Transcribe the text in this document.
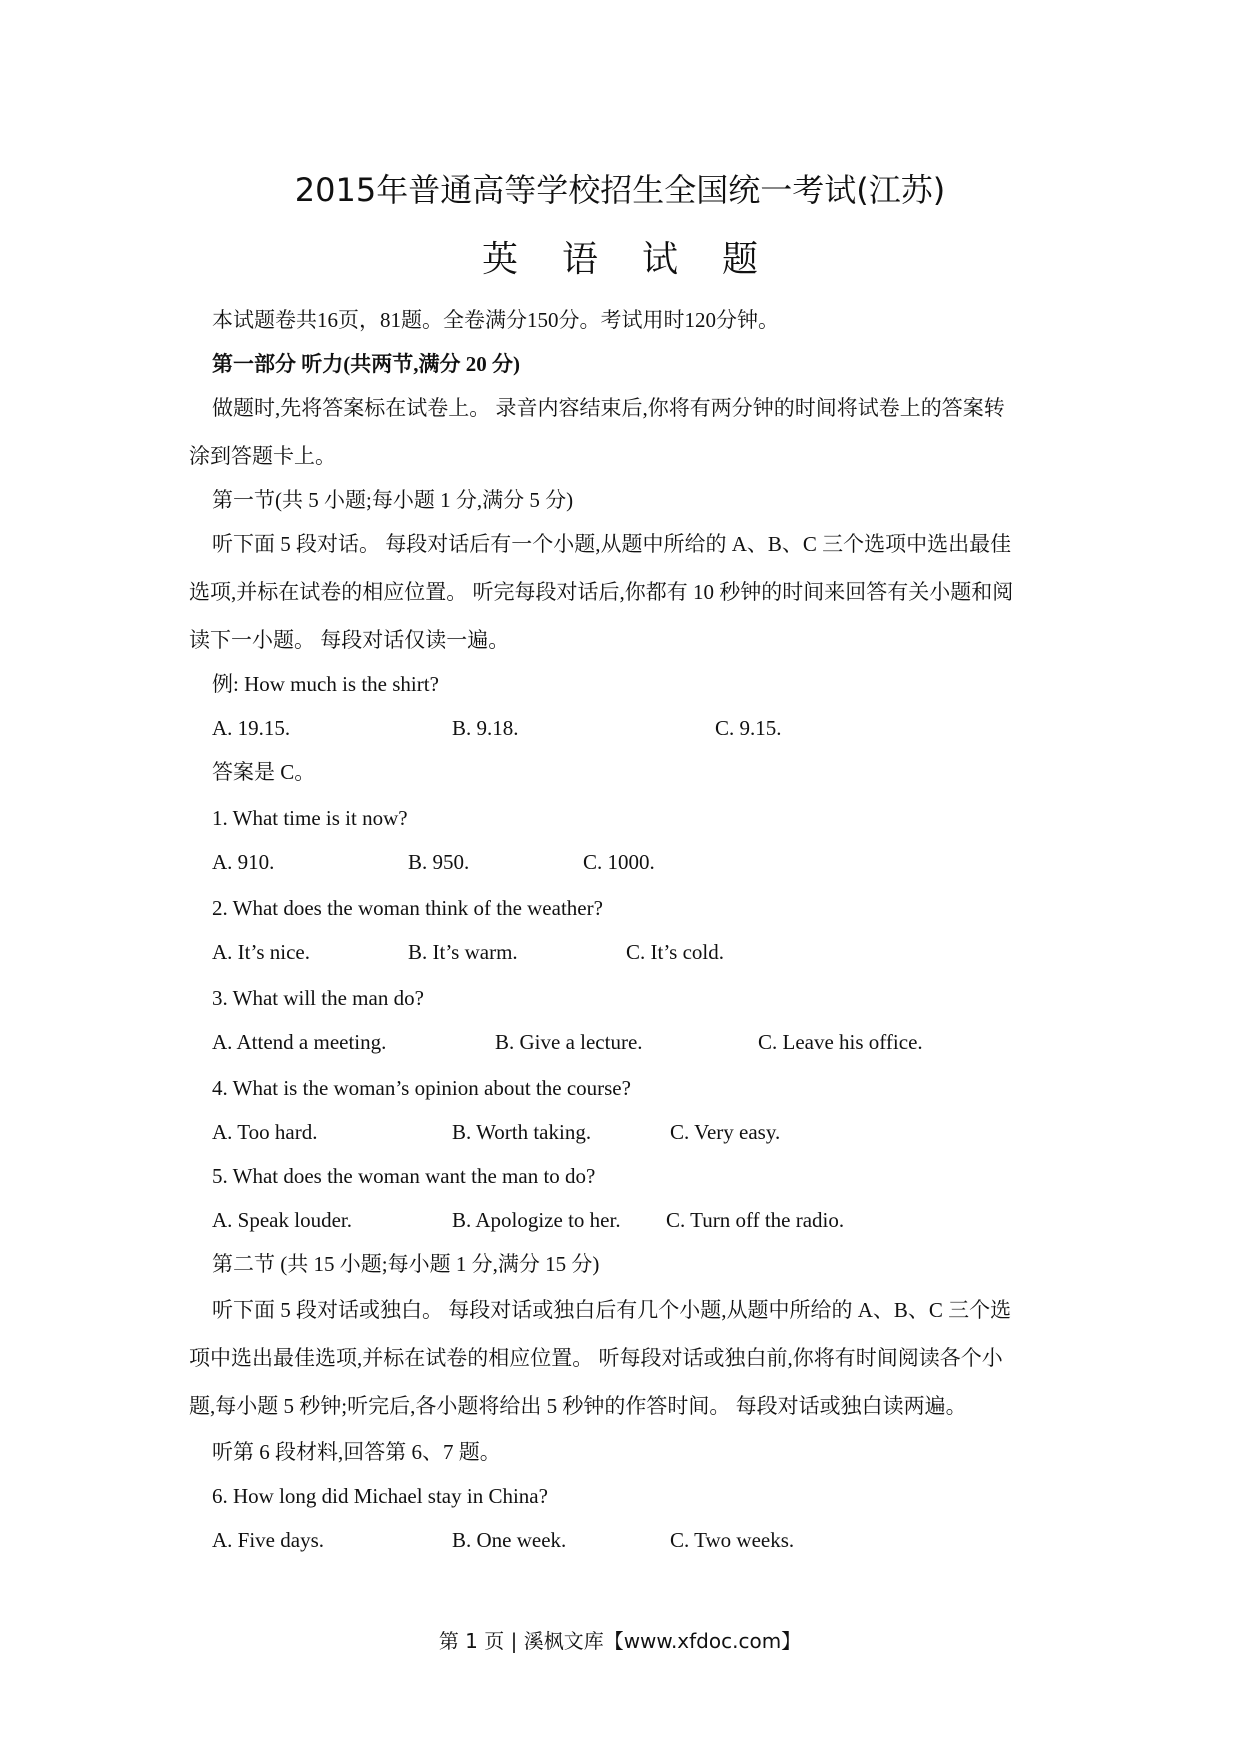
2015年普通高等学校招生全国统一考试(江苏)
英 语 试 题

本试题卷共16页，81题。全卷满分150分。考试用时120分钟。

第一部分 听力(共两节,满分 20 分)

做题时,先将答案标在试卷上。 录音内容结束后,你将有两分钟的时间将试卷上的答案转

涂到答题卡上。

第一节(共 5 小题;每小题 1 分,满分 5 分)

听下面 5 段对话。 每段对话后有一个小题,从题中所给的 A、B、C 三个选项中选出最佳

选项,并标在试卷的相应位置。 听完每段对话后,你都有 10 秒钟的时间来回答有关小题和阅

读下一小题。 每段对话仅读一遍。

例: How much is the shirt?

A. 19.15.	B. 9.18.	C. 9.15.

答案是 C。

1. What time is it now?

A. 910.	B. 950.	C. 1000.

2. What does the woman think of the weather?

A. It’s nice.	B. It’s warm.	C. It’s cold.

3. What will the man do?

A. Attend a meeting.	B. Give a lecture.	C. Leave his office.

4. What is the woman’s opinion about the course?

A. Too hard.	B. Worth taking.	C. Very easy.

5. What does the woman want the man to do?

A. Speak louder.	B. Apologize to her. C. Turn off the radio.

第二节 (共 15 小题;每小题 1 分,满分 15 分)

听下面 5 段对话或独白。 每段对话或独白后有几个小题,从题中所给的 A、B、C 三个选

项中选出最佳选项,并标在试卷的相应位置。 听每段对话或独白前,你将有时间阅读各个小

题,每小题 5 秒钟;听完后,各小题将给出 5 秒钟的作答时间。 每段对话或独白读两遍。

听第 6 段材料,回答第 6、7 题。

6. How long did Michael stay in China?

A. Five days.	B. One week.	C. Two weeks.

第 1 页 | 溪枫文库【www.xfdoc.com】
